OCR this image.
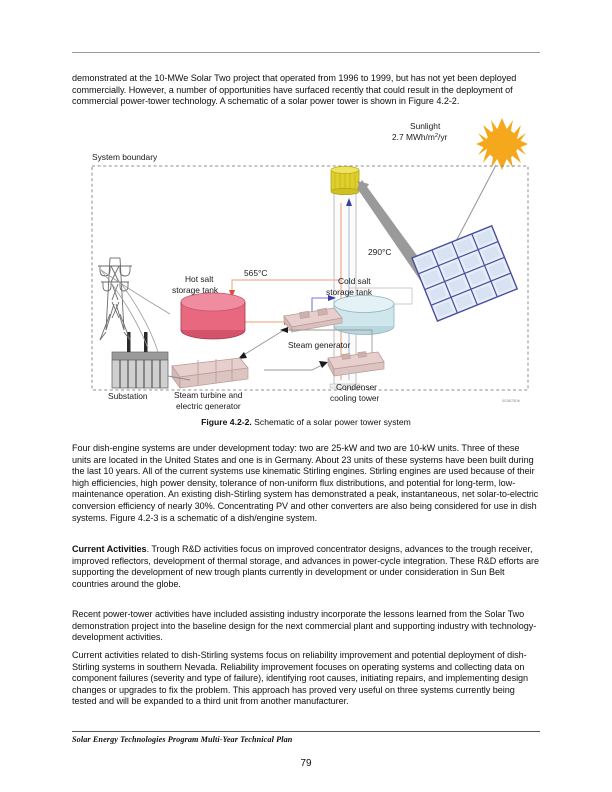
demonstrated at the 10-MWe Solar Two project that operated from 1996 to 1999, but has not yet been deployed commercially. However, a number of opportunities have surfaced recently that could result in the deployment of commercial power-tower technology. A schematic of a solar power tower is shown in Figure 4.2-2.
Sunlight
2.7 MWh/$m^2/yr$
System boundary
290°C
565°C
Hot salt
storage tank
Cold salt
storage tank
Steam generator
Steam turbine and
electric generator
Condenser
cooling tower
Substation	0036750#
Figure 4.2-2. Schematic of a solar power tower system
Four dish-engine systems are under development today: two are 25-kW and two are 10-kW units. Three of these units are located in the United States and one is in Germany. About 23 units of these systems have been built during the last 10 years. All of the current systems use kinematic Stirling engines. Stirling engines are used because of their high efficiencies, high power density, tolerance of non-uniform flux distributions, and potential for long-term, low-maintenance operation. An existing dish-Stirling system has demonstrated a peak, instantaneous, net solar-to-electric conversion efficiency of nearly 30%. Concentrating PV and other converters are also being considered for use in dish systems. Figure 4.2-3 is a schematic of a dish/engine system.
Current Activities. Trough R&D activities focus on improved concentrator designs, advances to the trough receiver, improved reflectors, development of thermal storage, and advances in power-cycle integration. These R&D efforts are supporting the development of new trough plants currently in development or under consideration in Sun Belt countries around the globe.
Recent power-tower activities have included assisting industry incorporate the lessons learned from the Solar Two demonstration project into the baseline design for the next commercial plant and supporting industry with technology-development activities.
Current activities related to dish-Stirling systems focus on reliability improvement and potential deployment of dish-Stirling systems in southern Nevada. Reliability improvement focuses on operating systems and collecting data on component failures (severity and type of failure), identifying root causes, initiating repairs, and implementing design changes or upgrades to fix the problem. This approach has proved very useful on three systems currently being tested and will be expanded to a third unit from another manufacturer.
Solar Energy Technologies Program Multi-Year Technical Plan
79
